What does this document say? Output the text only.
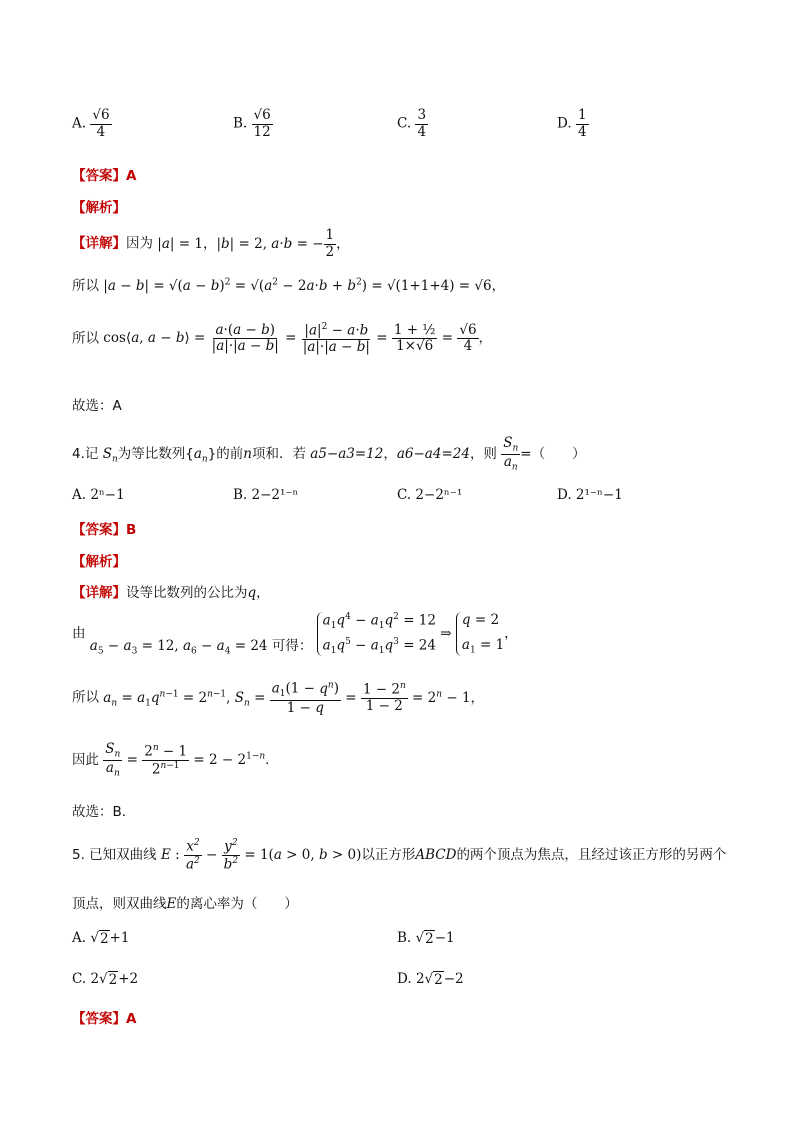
A. $\frac{√6}{4}$	B. $\frac{√6}{12}$	C. $\frac{3}{4}$	D. $\frac{1}{4}$
【答案】A
【解析】
【详解】因为 |a| = 1，|b| = 2, a·b = − $\frac{1}{2}$ ，
所以 $|a - b| = √(a - b)^2 = √(a^2 - 2a\cdot b + b^2) = √(1+1+4) = √6$，
所以 cos⟨a, a − b⟩ = $\frac{a\cdot(a - b)}{|a|\cdot|a - b|} = \frac{|a|^2 - a\cdot b}{|a|\cdot|a - b|} = \frac{\text{1 + ½}}{1\times√6} = \frac{√6}{4}$ ，
故选：A
4.记 $S_n$为等比数列$\{a_n\}$的前n项和．若 a5−a3=12，a6−a4=24，则 $\frac{S_n}{a_n}$ =（　　）
A. 2ⁿ−1	B. 2−2¹⁻ⁿ	C. 2−2ⁿ⁻¹	D. 2¹⁻ⁿ−1
【答案】B
【解析】
【详解】设等比数列的公比为q，
由 $a_5 - a_3 = 12$, $a_6 - a_4 = 24$ 可得：
$a_1q^4 - a_1q^2 = 12$
$a_1q^5 - a_1q^3 = 24$
⇒
q = 2
$a_1 = 1$
，
所以 $a_n = a_1q^{n-1} = 2^{n-1}$, $S_n = \frac{a_1(1 - q^n)}{1 - q} = \frac{1 - 2^n}{1 - 2} = 2^n - 1$，
因此 $\frac{S_n}{a_n} = \frac{2^n - 1}{2^{n-1}} = 2 - 2^{1-n}$．
故选：B.
5. 已知双曲线 E : $\frac{x^2}{a^2} - \frac{y^2}{b^2} = 1(a > 0$, b > 0)以正方形ABCD的两个顶点为焦点，且经过该正方形的另两个
顶点，则双曲线E的离心率为（　　）
A. √ 2 +1	B. √ 2 −1
C. 2√ 2 +2	D. 2√ 2 −2
【答案】A
